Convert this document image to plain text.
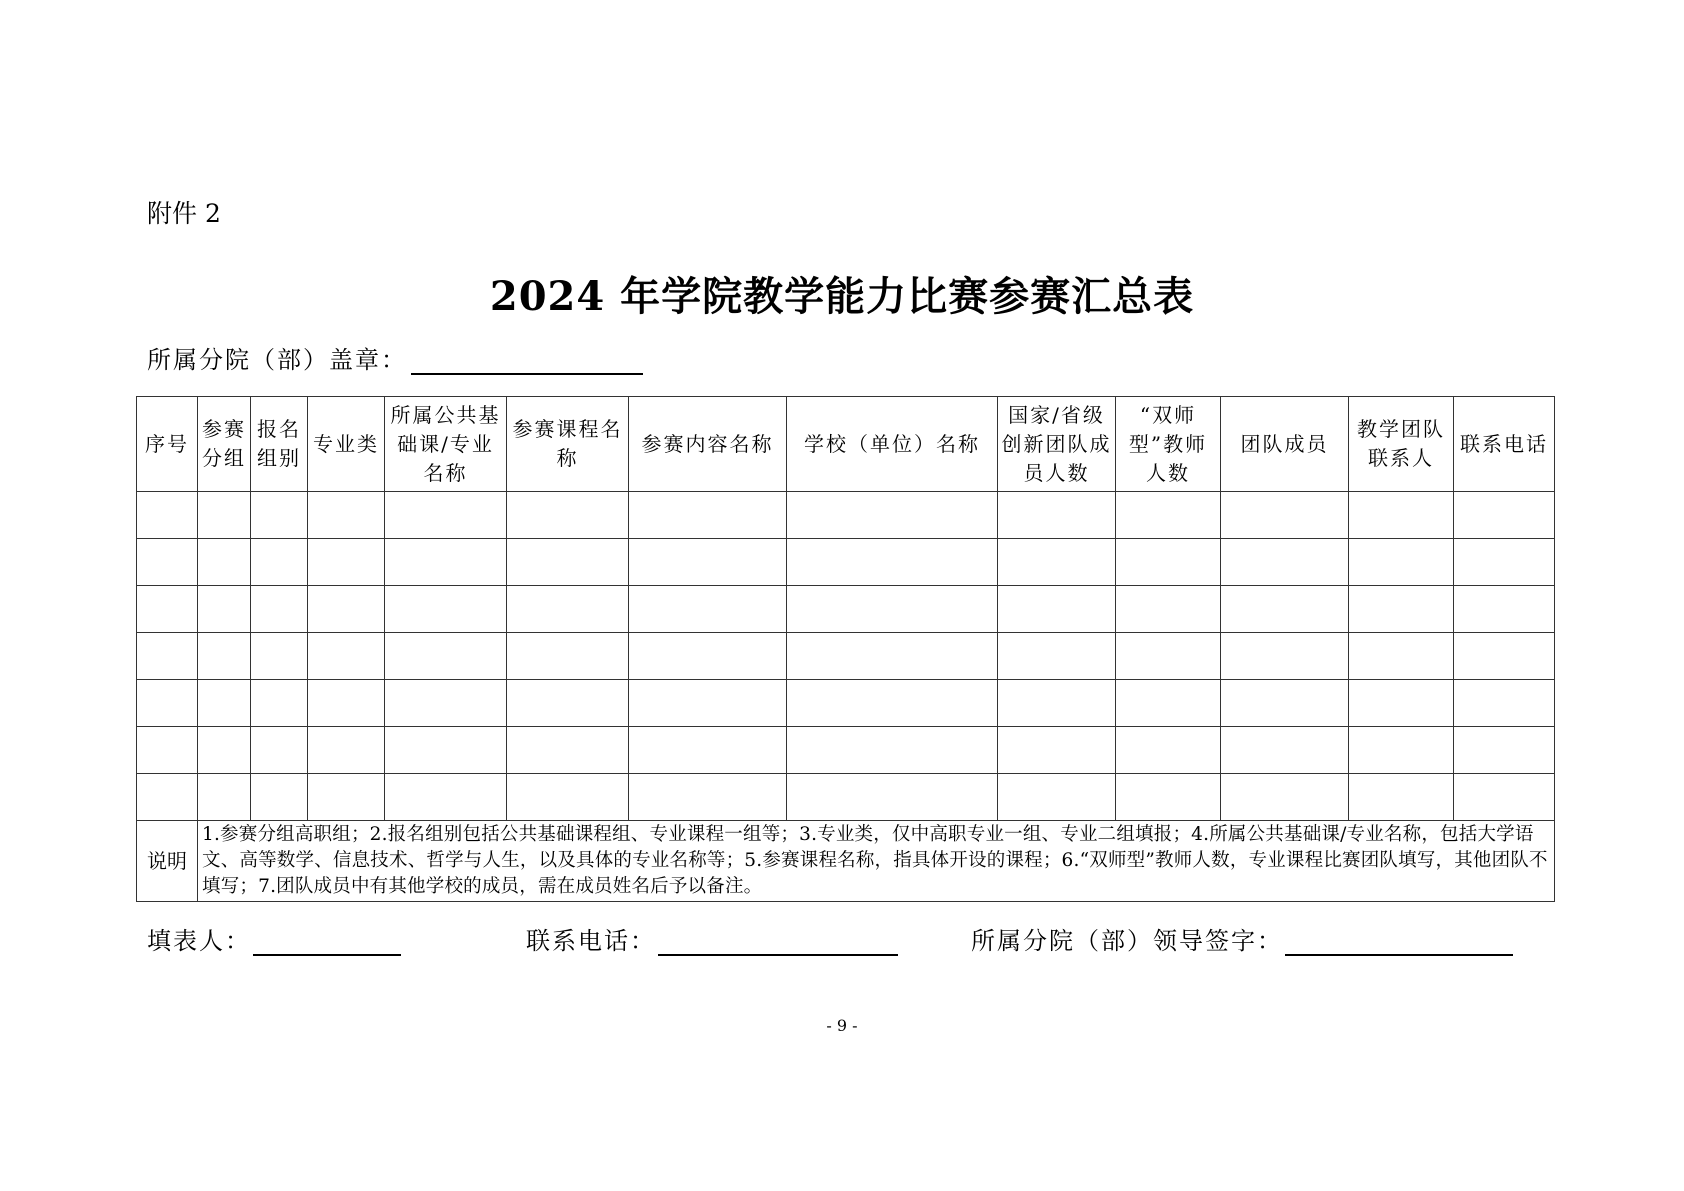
附件 2
2024 年学院教学能力比赛参赛汇总表
所属分院（部）盖章：
序号	参赛分组	报名组别	专业类	所属公共基础课/专业名称	参赛课程名称	参赛内容名称	学校（单位）名称	国家/省级创新团队成员人数	“双师型”教师人数	团队成员	教学团队联系人	联系电话

说明	1.参赛分组高职组；2.报名组别包括公共基础课程组、专业课程一组等；3.专业类，仅中高职专业一组、专业二组填报；4.所属公共基础课/专业名称，包括大学语文、高等数学、信息技术、哲学与人生，以及具体的专业名称等；5.参赛课程名称，指具体开设的课程；6.“双师型”教师人数，专业课程比赛团队填写，其他团队不填写；7.团队成员中有其他学校的成员，需在成员姓名后予以备注。											
填表人：	联系电话：	所属分院（部）领导签字：
- 9 -
